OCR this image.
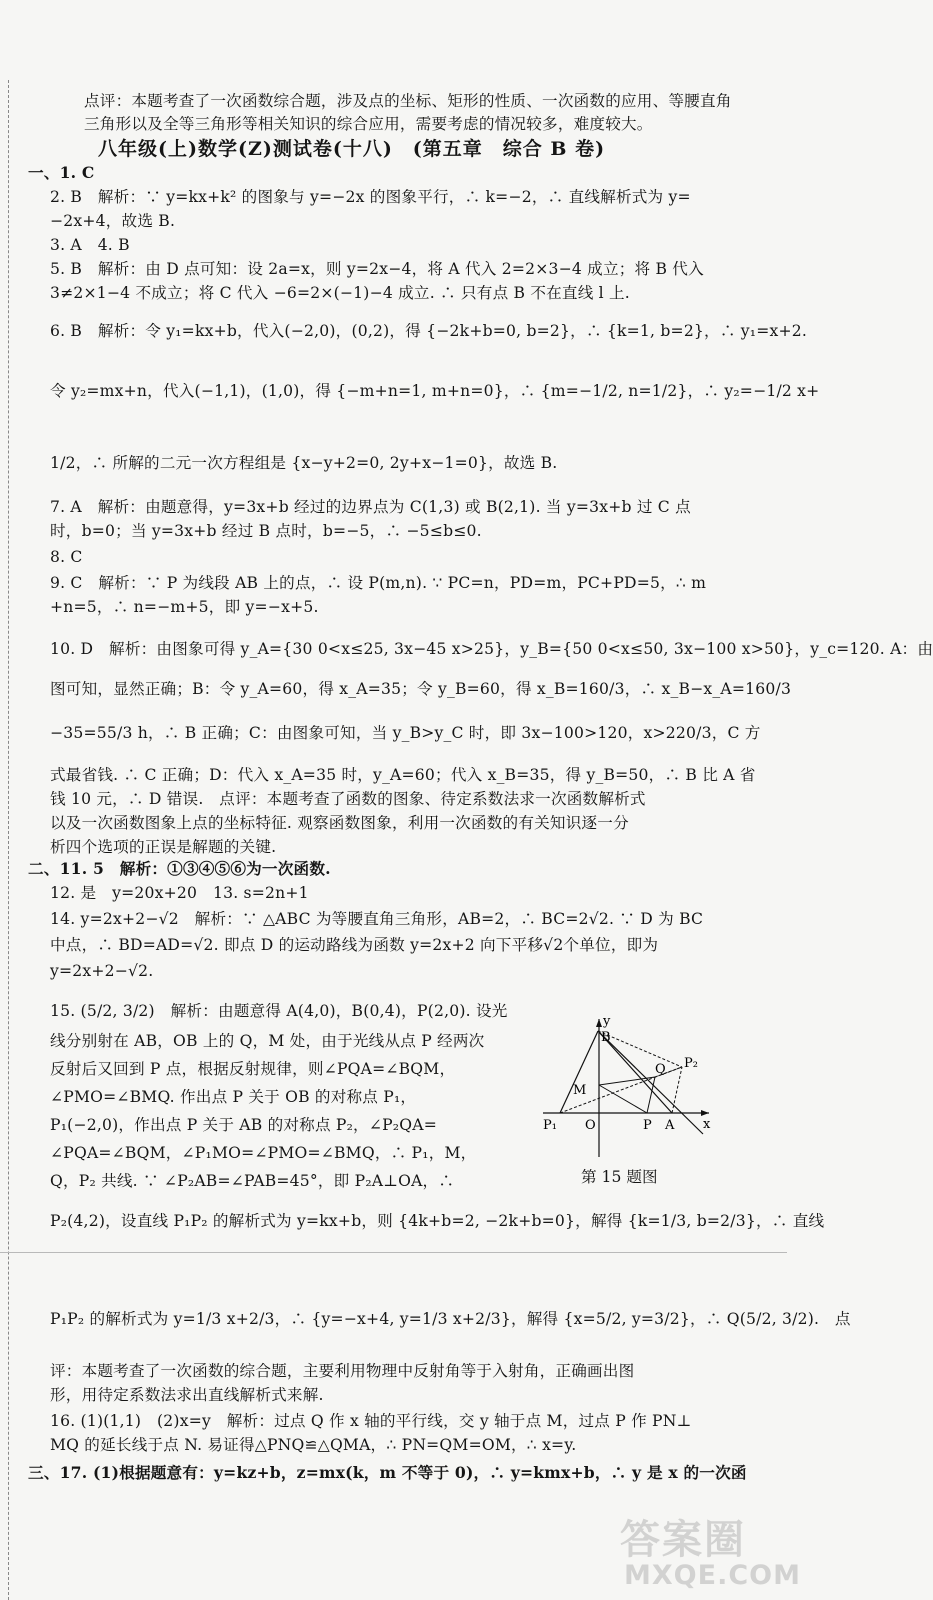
点评：本题考查了一次函数综合题，涉及点的坐标、矩形的性质、一次函数的应用、等腰直角
三角形以及全等三角形等相关知识的综合应用，需要考虑的情况较多，难度较大。
八年级(上)数学(Z)测试卷(十八)　(第五章　综合 B 卷)
一、1. C
2. B　解析：∵ y=kx+k² 的图象与 y=−2x 的图象平行，∴ k=−2，∴ 直线解析式为 y=
−2x+4，故选 B.
3. A　4. B
5. B　解析：由 D 点可知：设 2a=x，则 y=2x−4，将 A 代入 2=2×3−4 成立；将 B 代入
3≠2×1−4 不成立；将 C 代入 −6=2×(−1)−4 成立. ∴ 只有点 B 不在直线 l 上.
6. B　解析：令 y₁=kx+b，代入(−2,0)，(0,2)，得 {−2k+b=0, b=2}，∴ {k=1, b=2}，∴ y₁=x+2.
令 y₂=mx+n，代入(−1,1)，(1,0)，得 {−m+n=1, m+n=0}，∴ {m=−1/2, n=1/2}，∴ y₂=−1/2 x+
1/2，∴ 所解的二元一次方程组是 {x−y+2=0, 2y+x−1=0}，故选 B.
7. A　解析：由题意得，y=3x+b 经过的边界点为 C(1,3) 或 B(2,1). 当 y=3x+b 过 C 点
时，b=0；当 y=3x+b 经过 B 点时，b=−5，∴ −5≤b≤0.
8. C
9. C　解析：∵ P 为线段 AB 上的点，∴ 设 P(m,n). ∵ PC=n，PD=m，PC+PD=5，∴ m
+n=5，∴ n=−m+5，即 y=−x+5.
10. D　解析：由图象可得 y_A={30 0<x≤25, 3x−45 x>25}，y_B={50 0<x≤50, 3x−100 x>50}，y_c=120. A：由
图可知，显然正确；B：令 y_A=60，得 x_A=35；令 y_B=60，得 x_B=160/3，∴ x_B−x_A=160/3
−35=55/3 h，∴ B 正确；C：由图象可知，当 y_B>y_C 时，即 3x−100>120，x>220/3，C 方
式最省钱. ∴ C 正确；D：代入 x_A=35 时，y_A=60；代入 x_B=35，得 y_B=50，∴ B 比 A 省
钱 10 元，∴ D 错误.　点评：本题考查了函数的图象、待定系数法求一次函数解析式
以及一次函数图象上点的坐标特征. 观察函数图象，利用一次函数的有关知识逐一分
析四个选项的正误是解题的关键.
二、11. 5　解析：①③④⑤⑥为一次函数.
12. 是　y=20x+20　13. s=2n+1
14. y=2x+2−√2　解析：∵ △ABC 为等腰直角三角形，AB=2，∴ BC=2√2. ∵ D 为 BC
中点，∴ BD=AD=√2. 即点 D 的运动路线为函数 y=2x+2 向下平移√2个单位，即为
y=2x+2−√2.
15. (5/2, 3/2)　解析：由题意得 A(4,0)，B(0,4)，P(2,0). 设光
线分别射在 AB，OB 上的 Q，M 处，由于光线从点 P 经两次
反射后又回到 P 点，根据反射规律，则∠PQA=∠BQM，
∠PMO=∠BMQ. 作出点 P 关于 OB 的对称点 P₁，
P₁(−2,0)，作出点 P 关于 AB 的对称点 P₂，∠P₂QA=
∠PQA=∠BQM，∠P₁MO=∠PMO=∠BMQ，∴ P₁，M，
Q，P₂ 共线. ∵ ∠P₂AB=∠PAB=45°，即 P₂A⊥OA，∴
P₂(4,2)，设直线 P₁P₂ 的解析式为 y=kx+b，则 {4k+b=2, −2k+b=0}，解得 {k=1/3, b=2/3}，∴ 直线
P₁P₂ 的解析式为 y=1/3 x+2/3，∴ {y=−x+4, y=1/3 x+2/3}，解得 {x=5/2, y=3/2}，∴ Q(5/2, 3/2).　点
评：本题考查了一次函数的综合题，主要利用物理中反射角等于入射角，正确画出图
形，用待定系数法求出直线解析式来解.
16. (1)(1,1)　(2)x=y　解析：过点 Q 作 x 轴的平行线，交 y 轴于点 M，过点 P 作 PN⊥
MQ 的延长线于点 N. 易证得△PNQ≌△QMA，∴ PN=QM=OM，∴ x=y.
三、17. (1)根据题意有：y=kz+b，z=mx(k，m 不等于 0)，∴ y=kmx+b，∴ y 是 x 的一次函
y
x
B
Q P₂
M
P₁ O	P A
第 15 题图
答案圈
MXQE.COM
